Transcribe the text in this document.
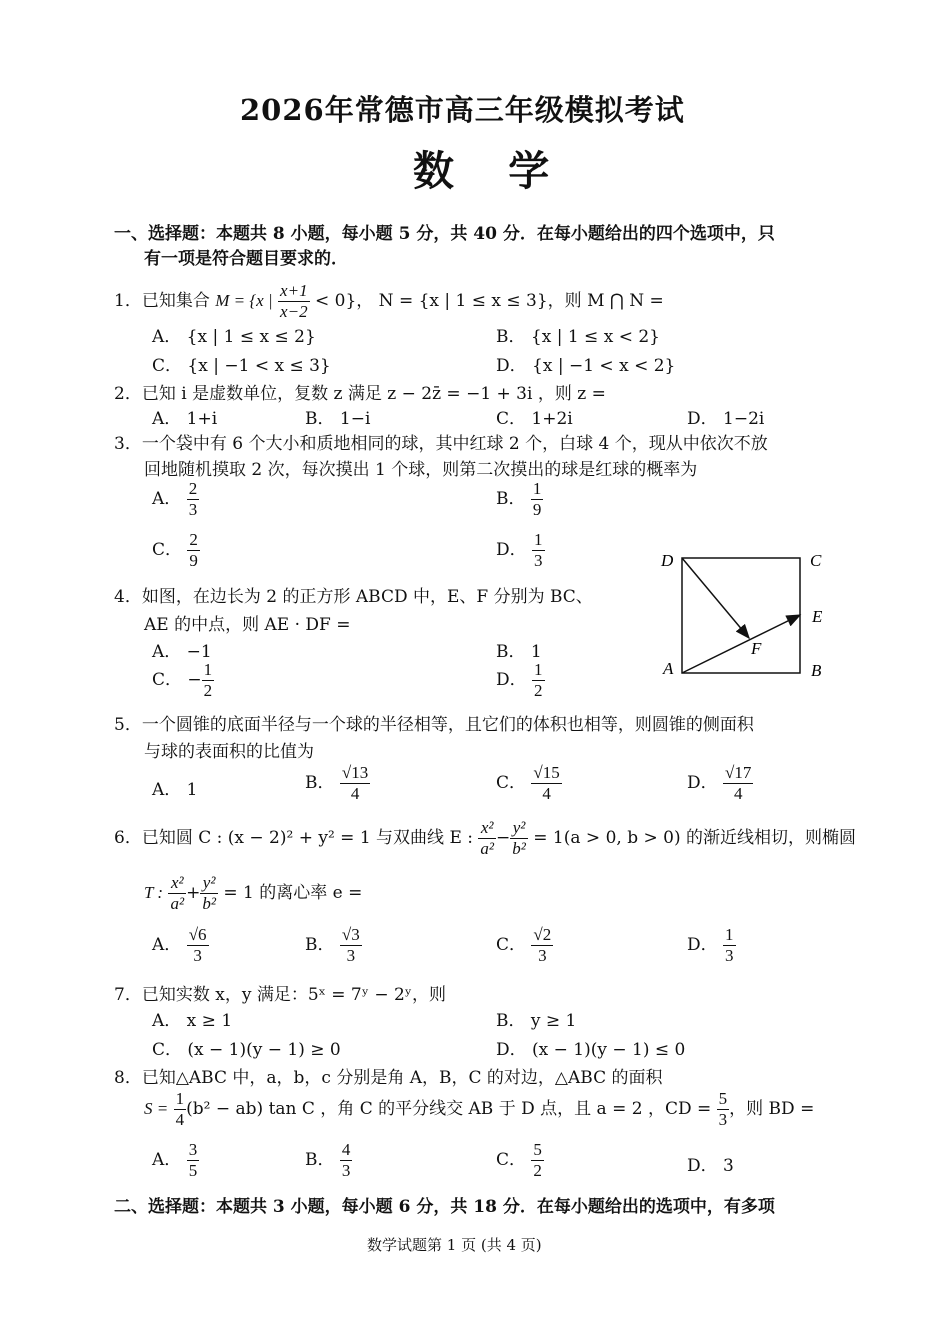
2026年常德市高三年级模拟考试
数 学
一、选择题：本题共 8 小题，每小题 5 分，共 40 分．在每小题给出的四个选项中，只
有一项是符合题目要求的．
1．已知集合 M = {x | $\frac{x+1}{x-2} < 0$}， N = {x | 1 ≤ x ≤ 3}，则 M ⋂ N =
A． {x | 1 ≤ x ≤ 2}	B． {x | 1 ≤ x < 2}
C． {x | −1 < x ≤ 3}	D． {x | −1 < x < 2}
2．已知 i 是虚数单位，复数 z 满足 z − 2z̄ = −1 + 3i ，则 z =
A． 1+i	B． 1−i	C． 1+2i	D． 1−2i
3．一个袋中有 6 个大小和质地相同的球，其中红球 2 个，白球 4 个，现从中依次不放
回地随机摸取 2 次，每次摸出 1 个球，则第二次摸出的球是红球的概率为
A． $\frac{2}{3}$	B． $\frac{1}{9}$
C． $\frac{2}{9}$	D． $\frac{1}{3}$
4．如图，在边长为 2 的正方形 ABCD 中，E、F 分别为 BC、
AE 的中点，则 AE · DF =
A． −1	B． 1
C． − $\frac{1}{2}$	D． $\frac{1}{2}$
D	C
E
A	B
F
5．一个圆锥的底面半径与一个球的半径相等，且它们的体积也相等，则圆锥的侧面积
与球的表面积的比值为
A． 1	B． $\frac{√13}{4}$	C． $\frac{√15}{4}$	D． $\frac{√17}{4}$
6．已知圆 C : (x − 2)² + y² = 1 与双曲线 E : $\frac{\text{x²}}{\text{a²}} - \frac{\text{y²}}{\text{b²}} = 1(a > 0$, b > 0) 的渐近线相切，则椭圆
T : $\frac{\text{x²}}{\text{a²}} + \frac{\text{y²}}{\text{b²}} = 1$ 的离心率 e =
A． $\frac{√6}{3}$	B． $\frac{√3}{3}$	C． $\frac{√2}{3}$	D． $\frac{1}{3}$
7．已知实数 x，y 满足：5ˣ = 7ʸ − 2ʸ，则
A． x ≥ 1	B． y ≥ 1
C． (x − 1)(y − 1) ≥ 0	D． (x − 1)(y − 1) ≤ 0
8．已知△ABC 中，a，b，c 分别是角 A，B，C 的对边，△ABC 的面积
$S = \frac{1}{4} (b^2 - ab)$ tan C ，角 C 的平分线交 AB 于 D 点，且 a = 2 ，CD = $\frac{5}{3}$ ，则 BD =
A． $\frac{3}{5}$	B． $\frac{4}{3}$	C． $\frac{5}{2}$	D． 3
二、选择题：本题共 3 小题，每小题 6 分，共 18 分．在每小题给出的选项中，有多项
数学试题第 1 页 (共 4 页)
